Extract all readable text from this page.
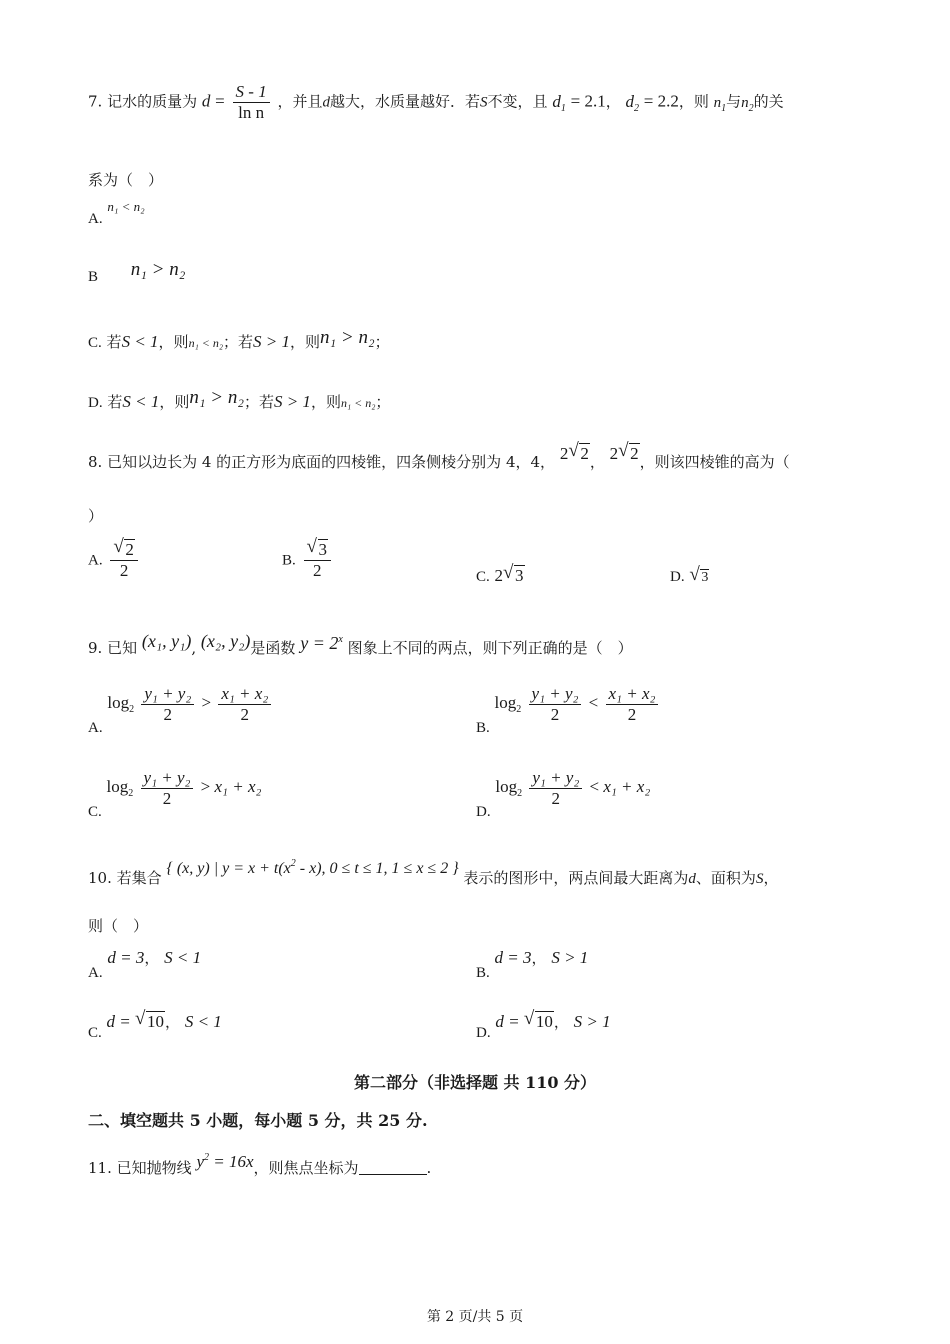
7. 记水的质量为 $d = \frac{S - 1}{\text{ln n}}$ ，并且d越大，水质量越好．若S不变，且 $d_1 = 2.1$， $d_2 = 2.2$，则 $n_1$与$n_2$的关
系为（　）
A. n₁ < n₂
B n₁ > n₂
C. 若S < 1，则n₁ < n₂；若S > 1，则n₁ > n₂；
D. 若S < 1，则n₁ > n₂；若S > 1，则n₁ < n₂；
8. 已知以边长为 4 的正方形为底面的四棱锥，四条侧棱分别为 4，4， 2 √ 2， 2 √ 2，则该四棱锥的高为（
）
A. √ $\frac{2}{2}$	B. √ $\frac{3}{2}$	C. 2 √ 3	D. √ 3
9. 已知 (x₁, y₁), (x₂, y₂)是函数 $y = 2^x$ 图象上不同的两点，则下列正确的是（　）
A. $\log_2 \frac{\text{y₁ + y₂}}{2} > \frac{\text{x₁ + x₂}}{2}$
B. $\log_2 \frac{\text{y₁ + y₂}}{2} < \frac{\text{x₁ + x₂}}{2}$
C. $\log_2 \frac{\text{y₁ + y₂}}{2} > x_1 + x_2$
D. $\log_2 \frac{\text{y₁ + y₂}}{2} < x_1 + x_2$
10. 若集合 { (x, y) | $y = x + t(x^2 - x)$, 0 ≤ t ≤ 1, 1 ≤ x ≤ 2 } 表示的图形中，两点间最大距离为d、面积为S，
则（　）
A. d = 3， S < 1
B. d = 3， S > 1
C. d = √ 10， S < 1
D. d = √ 10， S > 1
第二部分（非选择题 共 110 分）
二、填空题共 5 小题，每小题 5 分，共 25 分.
11. 已知抛物线 $y^2 = 16x$，则焦点坐标为	.
第 2 页/共 5 页
